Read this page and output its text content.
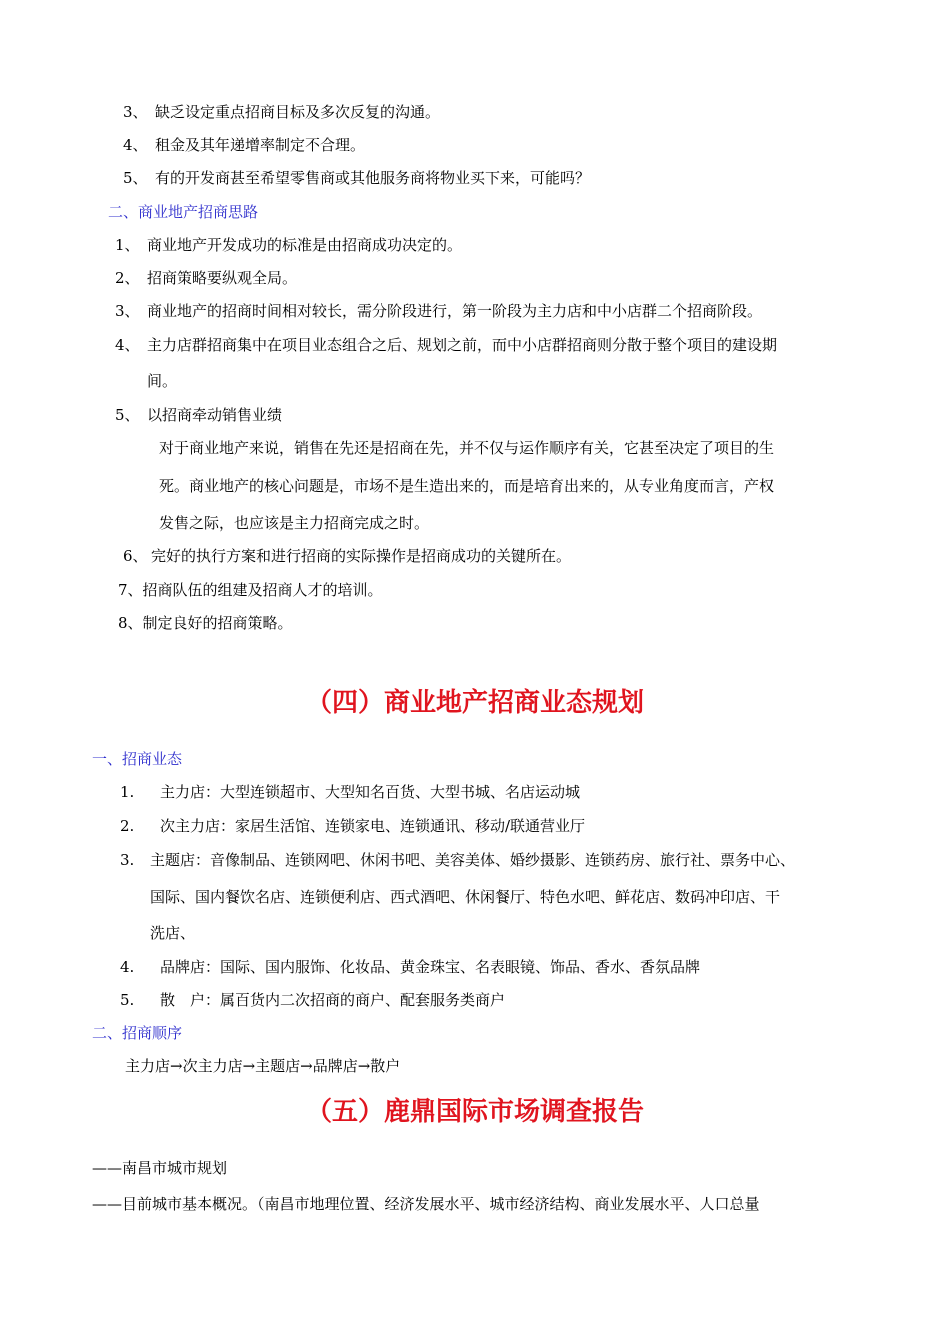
3、 缺乏设定重点招商目标及多次反复的沟通。
4、 租金及其年递增率制定不合理。
5、 有的开发商甚至希望零售商或其他服务商将物业买下来，可能吗？
二、商业地产招商思路
1、 商业地产开发成功的标准是由招商成功决定的。
2、 招商策略要纵观全局。
3、 商业地产的招商时间相对较长，需分阶段进行，第一阶段为主力店和中小店群二个招商阶段。
4、 主力店群招商集中在项目业态组合之后、规划之前，而中小店群招商则分散于整个项目的建设期
间。
5、 以招商牵动销售业绩
对于商业地产来说，销售在先还是招商在先，并不仅与运作顺序有关，它甚至决定了项目的生
死。商业地产的核心问题是，市场不是生造出来的，而是培育出来的，从专业角度而言，产权
发售之际，也应该是主力招商完成之时。
6、 完好的执行方案和进行招商的实际操作是招商成功的关键所在。
7、招商队伍的组建及招商人才的培训。
8、制定良好的招商策略。
（四）商业地产招商业态规划
一、招商业态
1. 主力店：大型连锁超市、大型知名百货、大型书城、名店运动城
2. 次主力店：家居生活馆、连锁家电、连锁通讯、移动/联通营业厅
3. 主题店：音像制品、连锁网吧、休闲书吧、美容美体、婚纱摄影、连锁药房、旅行社、票务中心、
国际、国内餐饮名店、连锁便利店、西式酒吧、休闲餐厅、特色水吧、鲜花店、数码冲印店、干
洗店、
4. 品牌店：国际、国内服饰、化妆品、黄金珠宝、名表眼镜、饰品、香水、香氛品牌
5. 散　户：属百货内二次招商的商户、配套服务类商户
二、招商顺序
主力店→次主力店→主题店→品牌店→散户
（五）鹿鼎国际市场调查报告
——南昌市城市规划
——目前城市基本概况。（南昌市地理位置、经济发展水平、城市经济结构、商业发展水平、人口总量
